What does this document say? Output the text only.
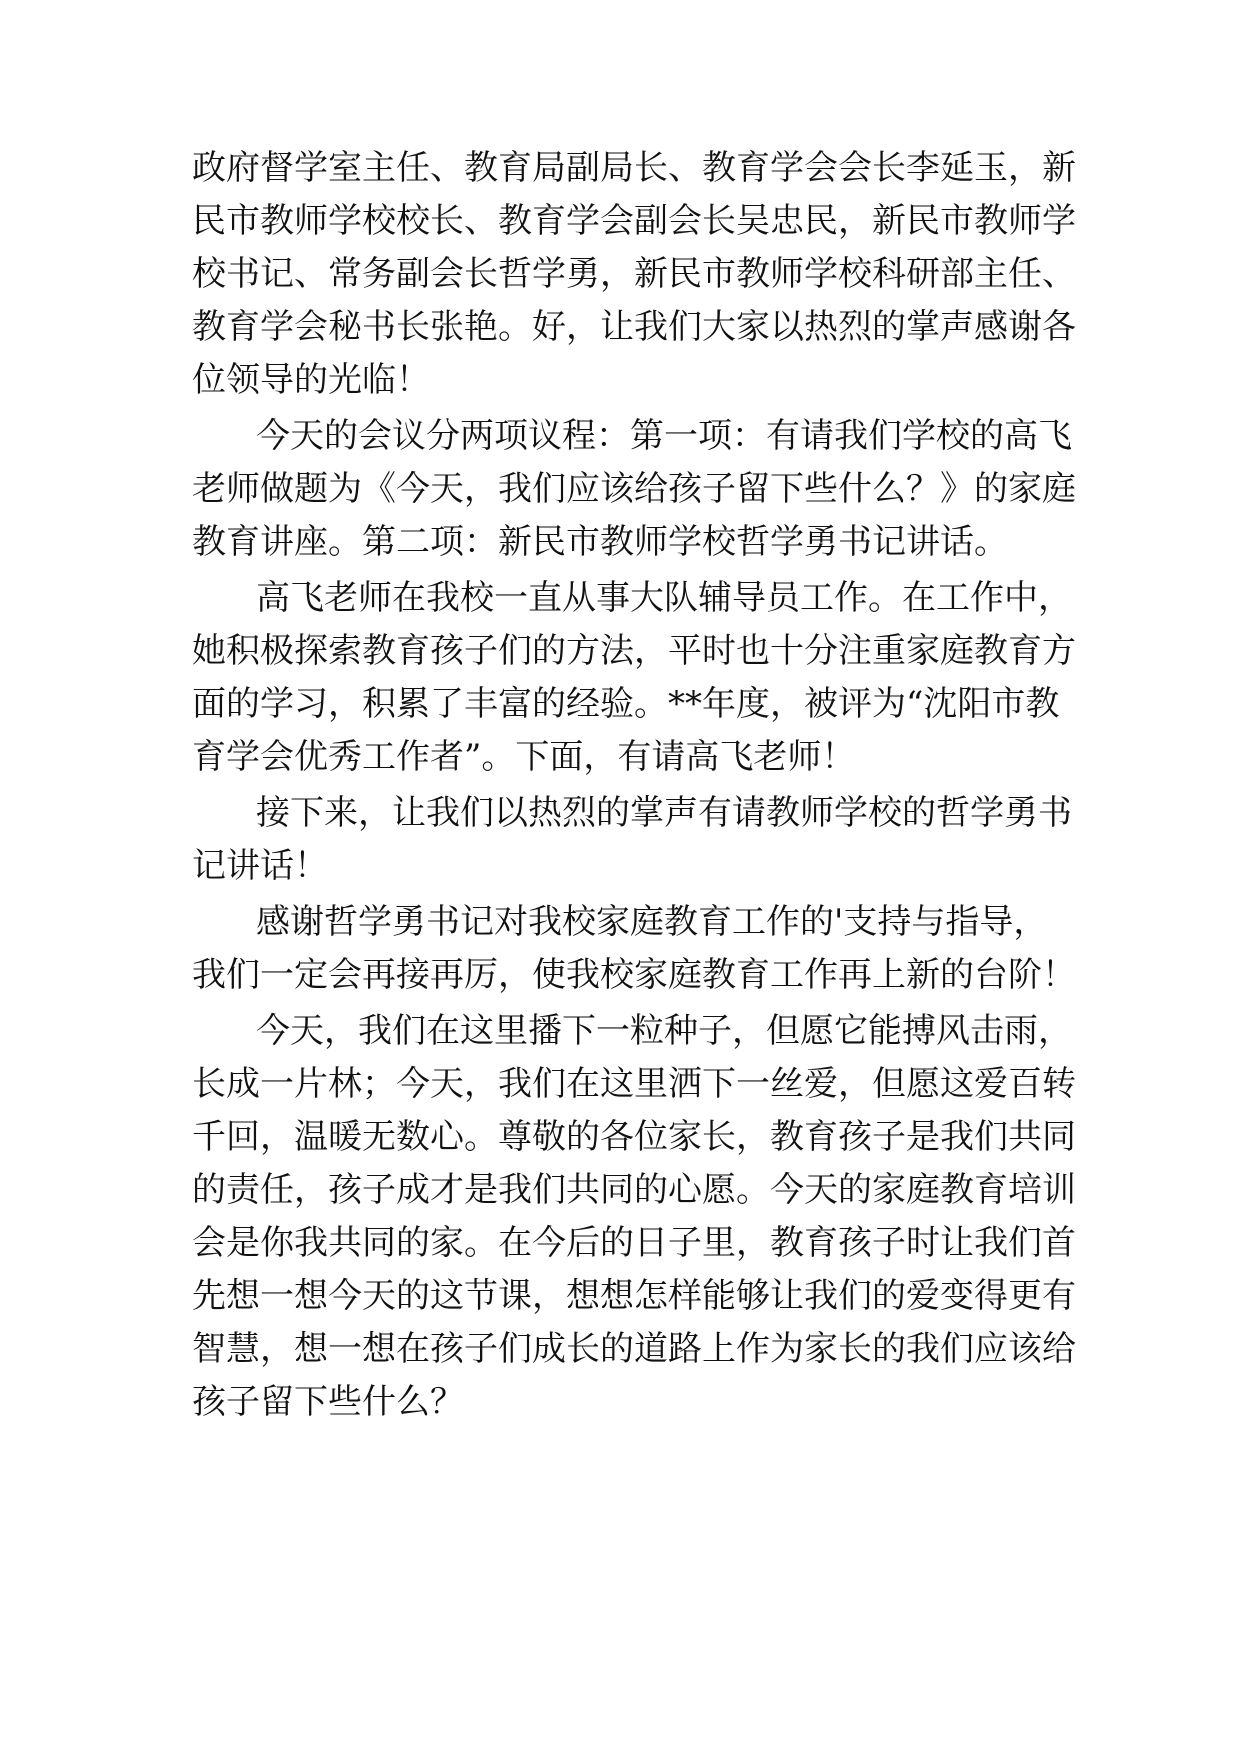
政府督学室主任、教育局副局长、教育学会会长李延玉，新
民市教师学校校长、教育学会副会长吴忠民，新民市教师学
校书记、常务副会长哲学勇，新民市教师学校科研部主任、
教育学会秘书长张艳。好，让我们大家以热烈的掌声感谢各
位领导的光临！
今天的会议分两项议程：第一项：有请我们学校的高飞
老师做题为《今天，我们应该给孩子留下些什么？》的家庭
教育讲座。第二项：新民市教师学校哲学勇书记讲话。
高飞老师在我校一直从事大队辅导员工作。在工作中，
她积极探索教育孩子们的方法，平时也十分注重家庭教育方
面的学习，积累了丰富的经验。**年度，被评为“沈阳市教
育学会优秀工作者”。下面，有请高飞老师！
接下来，让我们以热烈的掌声有请教师学校的哲学勇书
记讲话！
感谢哲学勇书记对我校家庭教育工作的'支持与指导，
我们一定会再接再厉，使我校家庭教育工作再上新的台阶！
今天，我们在这里播下一粒种子，但愿它能搏风击雨，
长成一片林；今天，我们在这里洒下一丝爱，但愿这爱百转
千回，温暖无数心。尊敬的各位家长，教育孩子是我们共同
的责任，孩子成才是我们共同的心愿。今天的家庭教育培训
会是你我共同的家。在今后的日子里，教育孩子时让我们首
先想一想今天的这节课，想想怎样能够让我们的爱变得更有
智慧，想一想在孩子们成长的道路上作为家长的我们应该给
孩子留下些什么？
